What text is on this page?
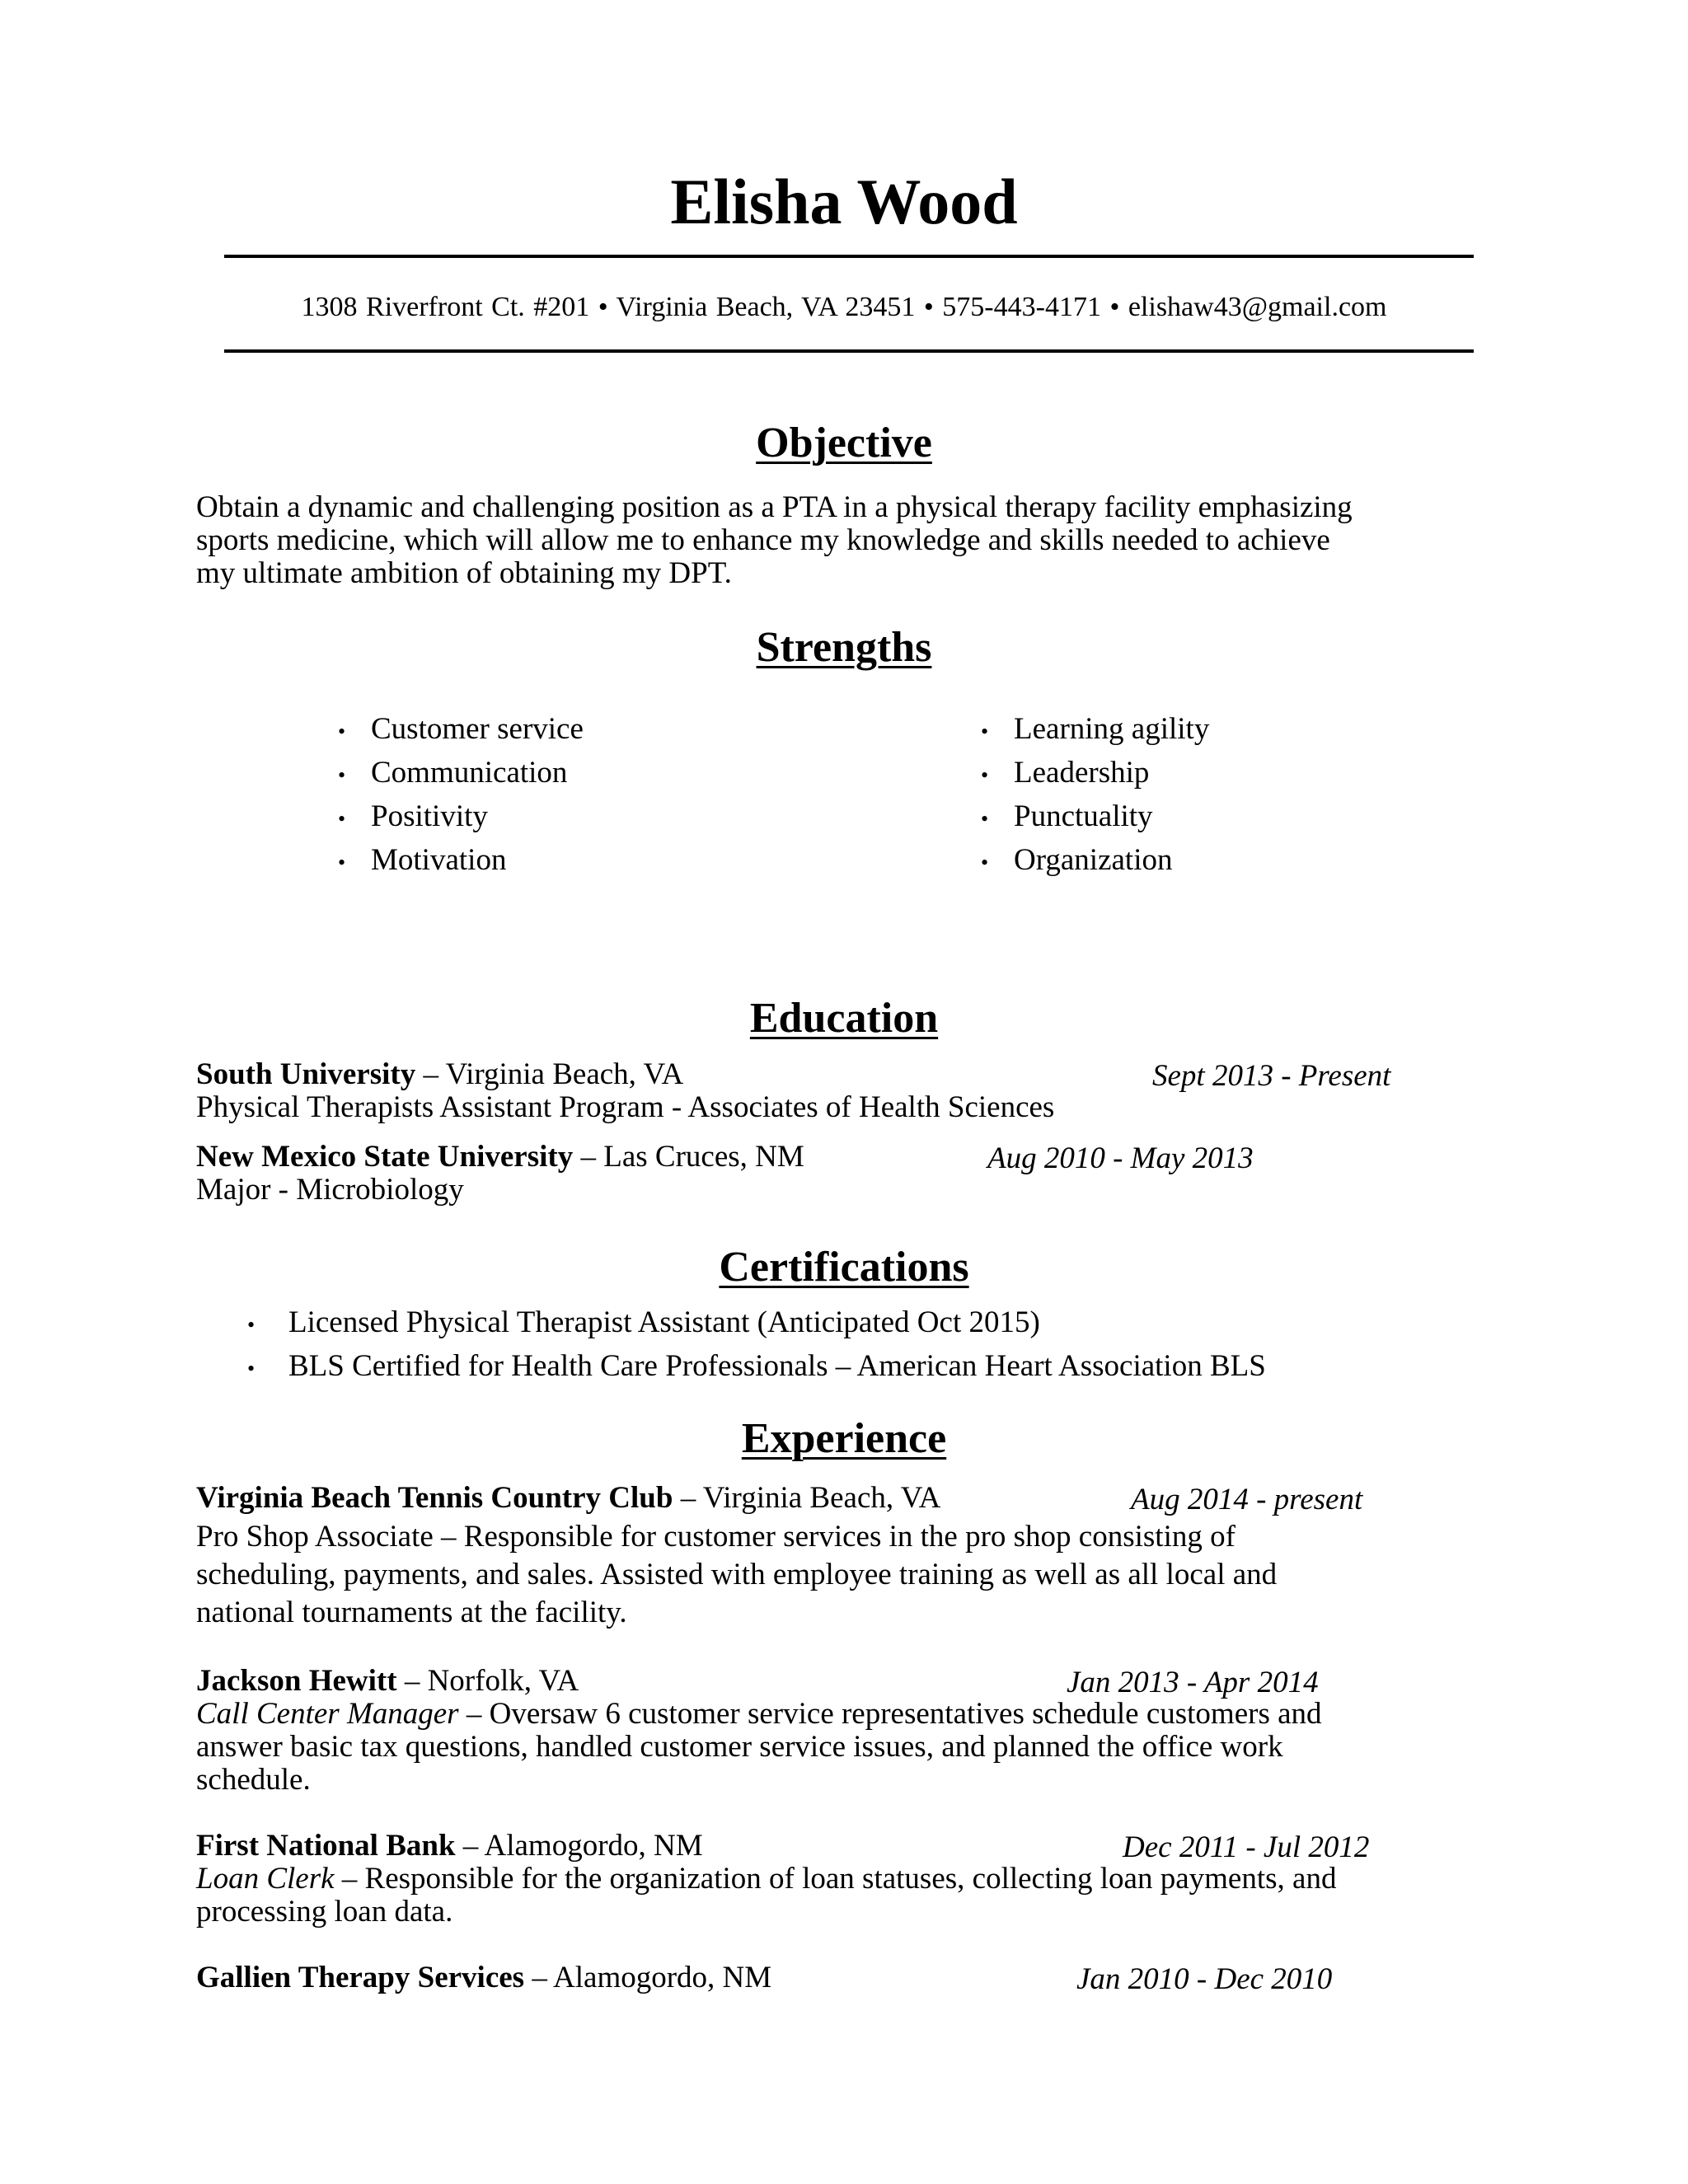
Elisha Wood
1308 Riverfront Ct. #201 • Virginia Beach, VA 23451 • 575-443-4171 • elishaw43@gmail.com
Objective
Obtain a dynamic and challenging position as a PTA in a physical therapy facility emphasizing
sports medicine, which will allow me to enhance my knowledge and skills needed to achieve
my ultimate ambition of obtaining my DPT.
Strengths
• Customer service
• Communication
• Positivity
• Motivation
• Learning agility
• Leadership
• Punctuality
• Organization
Education
South University – Virginia Beach, VA	Sept 2013 - Present
Physical Therapists Assistant Program - Associates of Health Sciences
New Mexico State University – Las Cruces, NM	Aug 2010 - May 2013
Major - Microbiology
Certifications
• Licensed Physical Therapist Assistant (Anticipated Oct 2015)
• BLS Certified for Health Care Professionals – American Heart Association BLS
Experience
Virginia Beach Tennis Country Club – Virginia Beach, VA	Aug 2014 - present
Pro Shop Associate – Responsible for customer services in the pro shop consisting of
scheduling, payments, and sales. Assisted with employee training as well as all local and
national tournaments at the facility.
Jackson Hewitt – Norfolk, VA	Jan 2013 - Apr 2014
Call Center Manager – Oversaw 6 customer service representatives schedule customers and
answer basic tax questions, handled customer service issues, and planned the office work
schedule.
First National Bank – Alamogordo, NM	Dec 2011 - Jul 2012
Loan Clerk – Responsible for the organization of loan statuses, collecting loan payments, and
processing loan data.
Gallien Therapy Services – Alamogordo, NM	Jan 2010 - Dec 2010
